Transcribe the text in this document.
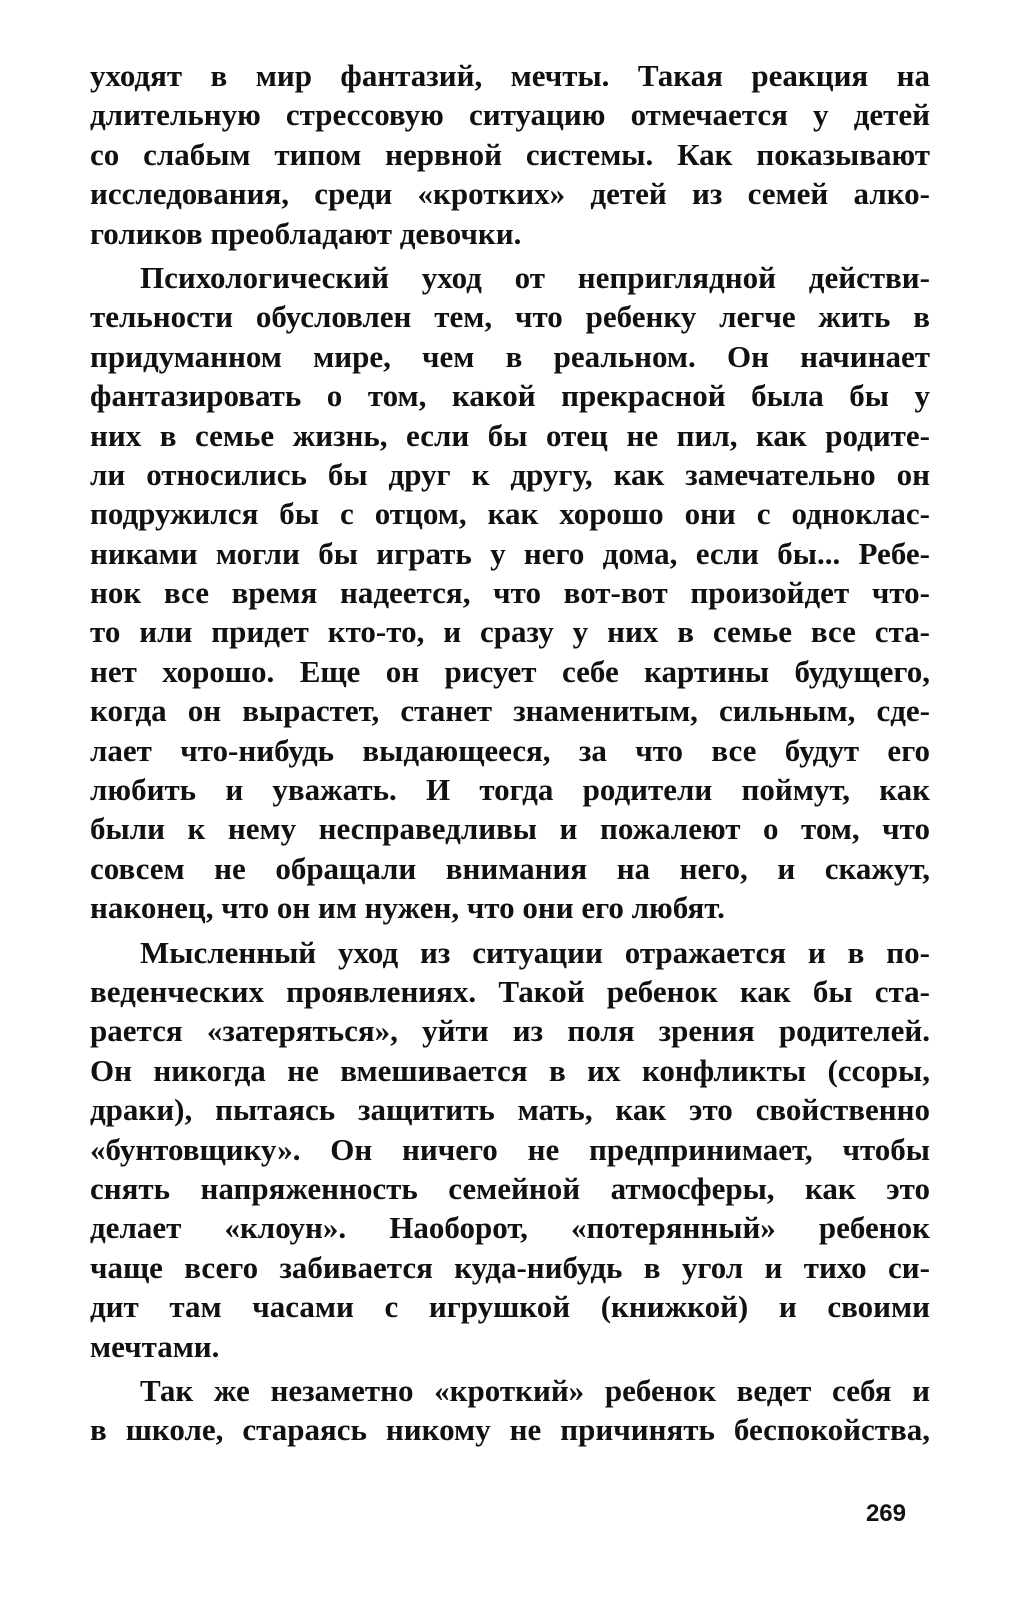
уходят в мир фантазий, мечты. Такая реакция на
длительную стрессовую ситуацию отмечается у детей
со слабым типом нервной системы. Как показывают
исследования, среди «кротких» детей из семей алко-
голиков преобладают девочки.
Психологический уход от неприглядной действи-
тельности обусловлен тем, что ребенку легче жить в
придуманном мире, чем в реальном. Он начинает
фантазировать о том, какой прекрасной была бы у
них в семье жизнь, если бы отец не пил, как родите-
ли относились бы друг к другу, как замечательно он
подружился бы с отцом, как хорошо они с одноклас-
никами могли бы играть у него дома, если бы... Ребе-
нок все время надеется, что вот-вот произойдет что-
то или придет кто-то, и сразу у них в семье все ста-
нет хорошо. Еще он рисует себе картины будущего,
когда он вырастет, станет знаменитым, сильным, сде-
лает что-нибудь выдающееся, за что все будут его
любить и уважать. И тогда родители поймут, как
были к нему несправедливы и пожалеют о том, что
совсем не обращали внимания на него, и скажут,
наконец, что он им нужен, что они его любят.
Мысленный уход из ситуации отражается и в по-
веденческих проявлениях. Такой ребенок как бы ста-
рается «затеряться», уйти из поля зрения родителей.
Он никогда не вмешивается в их конфликты (ссоры,
драки), пытаясь защитить мать, как это свойственно
«бунтовщику». Он ничего не предпринимает, чтобы
снять напряженность семейной атмосферы, как это
делает «клоун». Наоборот, «потерянный» ребенок
чаще всего забивается куда-нибудь в угол и тихо си-
дит там часами с игрушкой (книжкой) и своими
мечтами.
Так же незаметно «кроткий» ребенок ведет себя и
в школе, стараясь никому не причинять беспокойства,
269
